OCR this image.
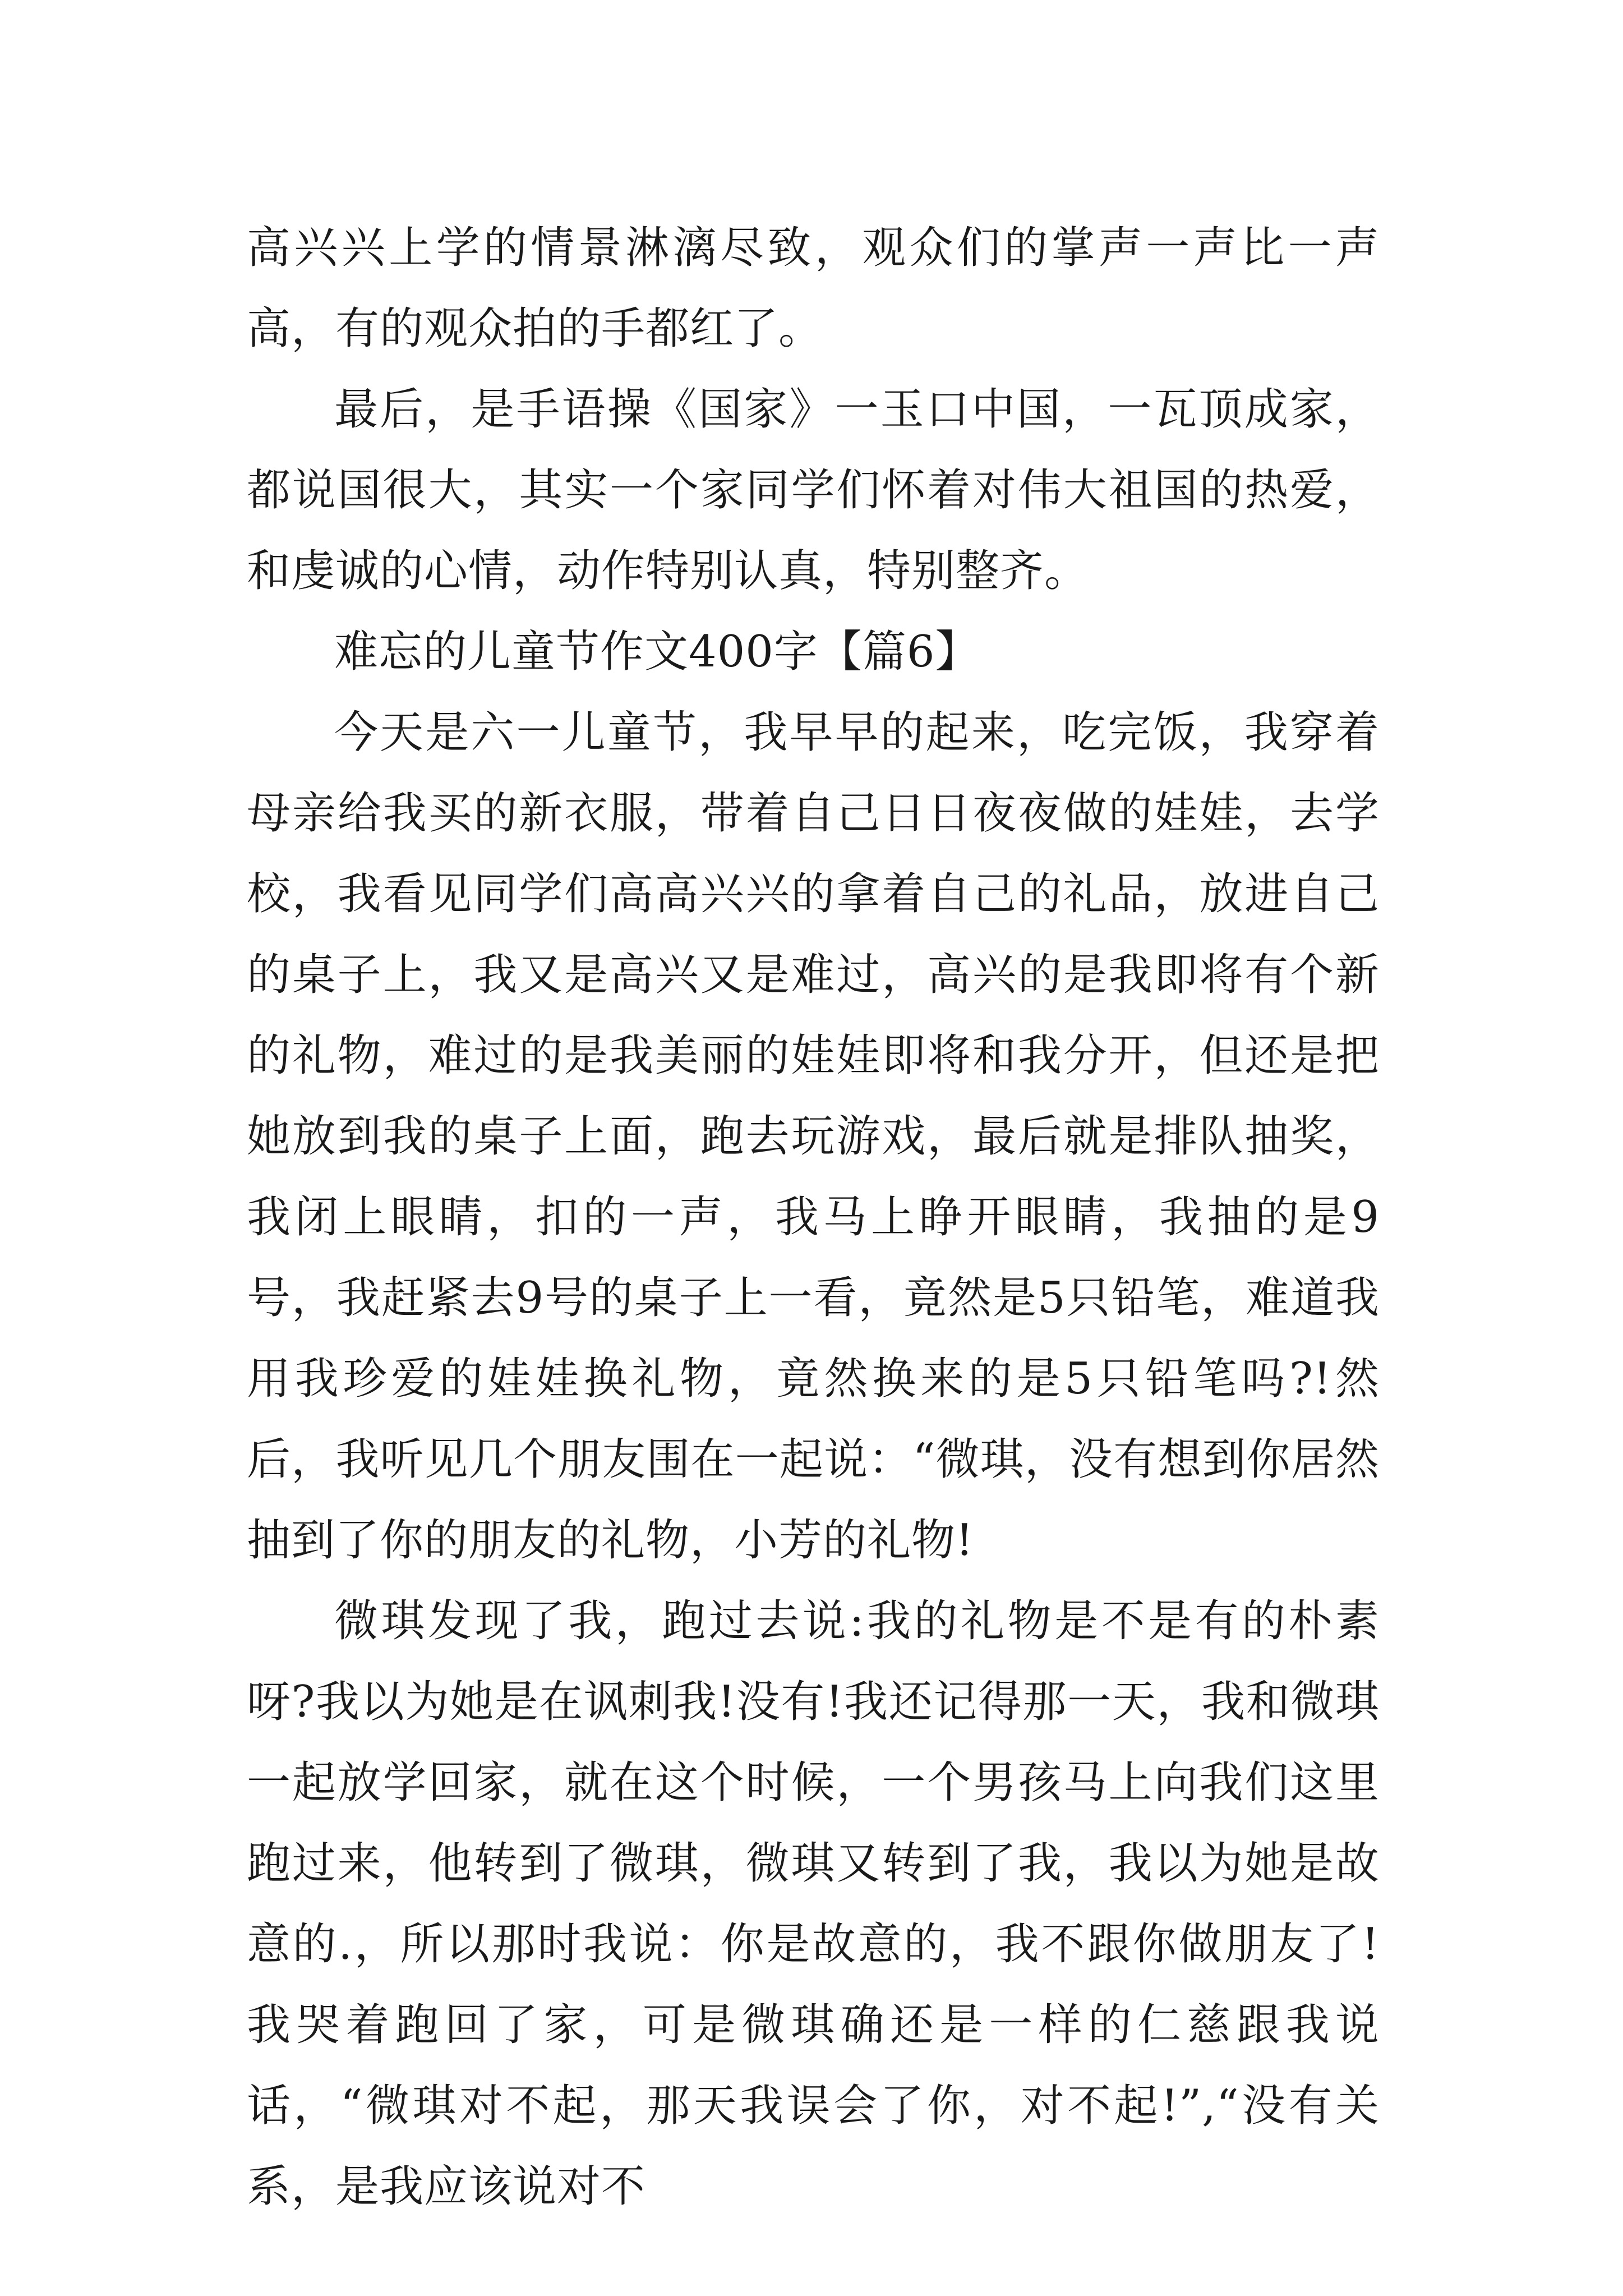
高兴兴上学的情景淋漓尽致，观众们的掌声一声比一声高，有的观众拍的手都红了。

最后，是手语操《国家》一玉口中国，一瓦顶成家，都说国很大，其实一个家同学们怀着对伟大祖国的热爱，和虔诚的心情，动作特别认真，特别整齐。

难忘的儿童节作文400字【篇6】

今天是六一儿童节，我早早的起来，吃完饭，我穿着母亲给我买的新衣服，带着自己日日夜夜做的娃娃，去学校，我看见同学们高高兴兴的拿着自己的礼品，放进自己的桌子上，我又是高兴又是难过，高兴的是我即将有个新的礼物，难过的是我美丽的娃娃即将和我分开，但还是把她放到我的桌子上面，跑去玩游戏，最后就是排队抽奖，我闭上眼睛，扣的一声，我马上睁开眼睛，我抽的是9号，我赶紧去9号的桌子上一看，竟然是5只铅笔，难道我用我珍爱的娃娃换礼物，竟然换来的是5只铅笔吗?!然后，我听见几个朋友围在一起说：“微琪，没有想到你居然抽到了你的朋友的礼物，小芳的礼物!

微琪发现了我，跑过去说:我的礼物是不是有的朴素呀?我以为她是在讽刺我!没有!我还记得那一天，我和微琪一起放学回家，就在这个时候，一个男孩马上向我们这里跑过来，他转到了微琪，微琪又转到了我，我以为她是故意的.，所以那时我说：你是故意的，我不跟你做朋友了!我哭着跑回了家，可是微琪确还是一样的仁慈跟我说话，“微琪对不起，那天我误会了你，对不起!”,“没有关系，是我应该说对不
